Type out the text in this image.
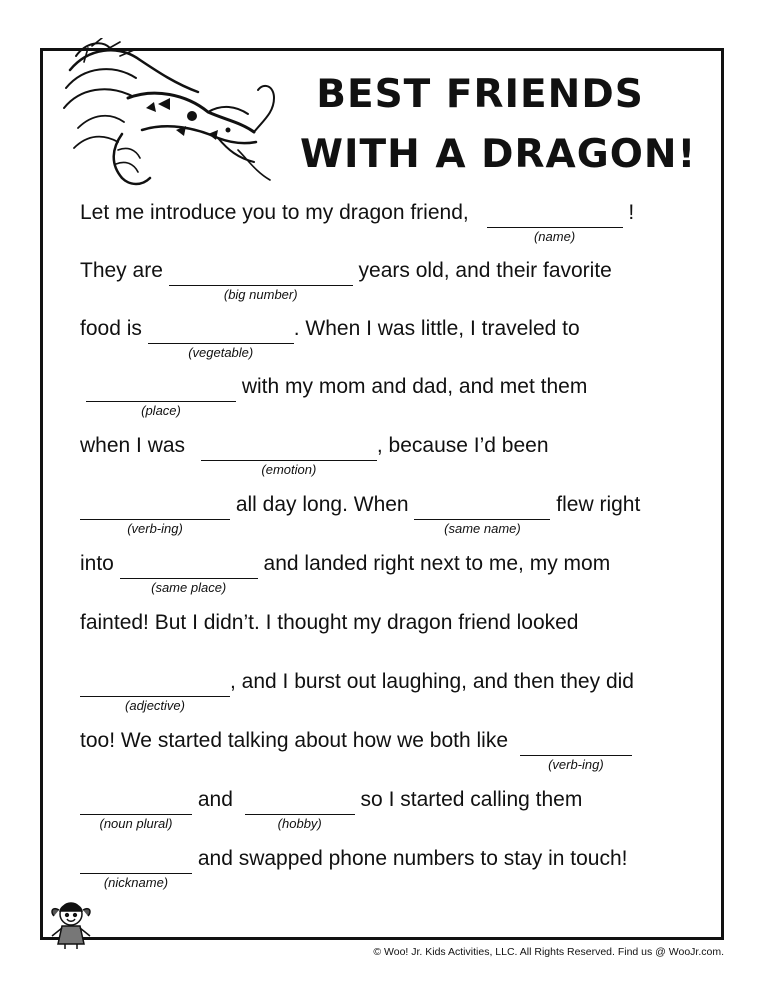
BEST FRIENDS
WITH A DRAGON!
Let me introduce you to my dragon friend,
(name)
!
They are
(big number)
years old, and their favorite
food is
(vegetable)
. When I was little, I traveled to
(place)
with my mom and dad, and met them
when I was
(emotion)
, because I’d been
(verb-ing)
all day long. When
(same name)
flew right
into
(same place)
and landed right next to me, my mom
fainted! But I didn’t. I thought my dragon friend looked
(adjective)
, and I burst out laughing, and then they did
too! We started talking about how we both like
(verb-ing)
(noun plural)
and
(hobby)
so I started calling them
(nickname)
and swapped phone numbers to stay in touch!
© Woo! Jr. Kids Activities, LLC. All Rights Reserved. Find us @ WooJr.com.
